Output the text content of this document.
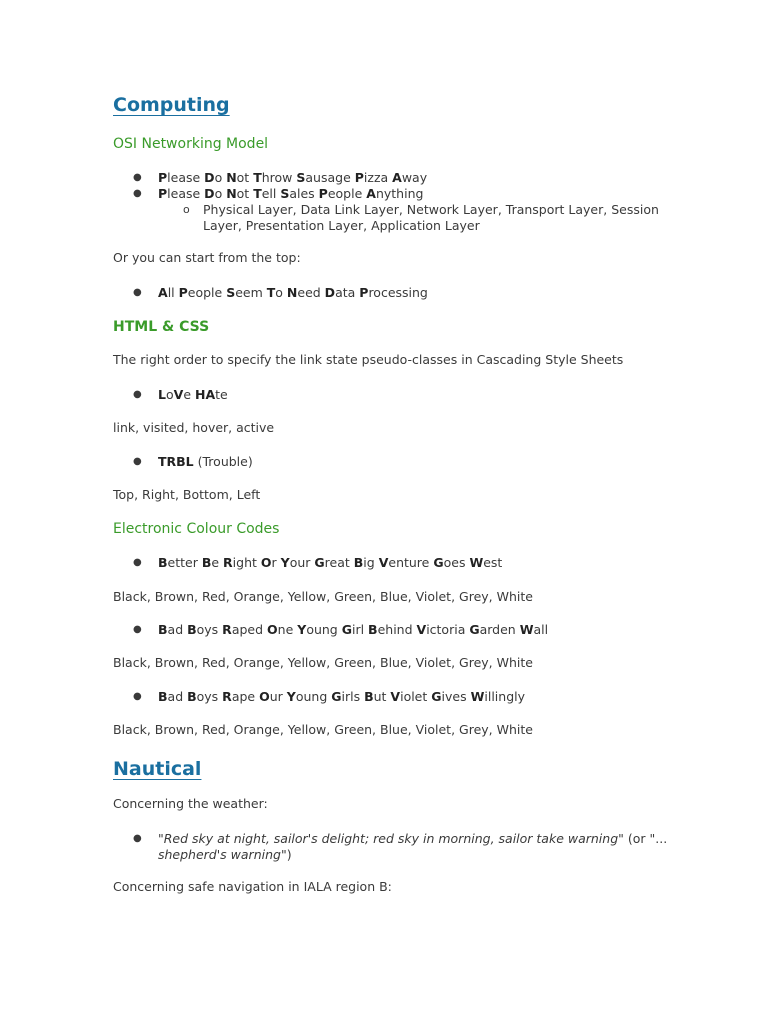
Computing
OSI Networking Model
● Please Do Not Throw Sausage Pizza Away
● Please Do Not Tell Sales People Anything
o Physical Layer, Data Link Layer, Network Layer, Transport Layer, Session Layer, Presentation Layer, Application Layer
Or you can start from the top:
● All People Seem To Need Data Processing
HTML & CSS
The right order to specify the link state pseudo-classes in Cascading Style Sheets
● LoVe HAte
link, visited, hover, active
● TRBL (Trouble)
Top, Right, Bottom, Left
Electronic Colour Codes
● Better Be Right Or Your Great Big Venture Goes West
Black, Brown, Red, Orange, Yellow, Green, Blue, Violet, Grey, White
● Bad Boys Raped One Young Girl Behind Victoria Garden Wall
Black, Brown, Red, Orange, Yellow, Green, Blue, Violet, Grey, White
● Bad Boys Rape Our Young Girls But Violet Gives Willingly
Black, Brown, Red, Orange, Yellow, Green, Blue, Violet, Grey, White
Nautical
Concerning the weather:
● "Red sky at night, sailor's delight; red sky in morning, sailor take warning" (or "...
shepherd's warning")
Concerning safe navigation in IALA region B:
